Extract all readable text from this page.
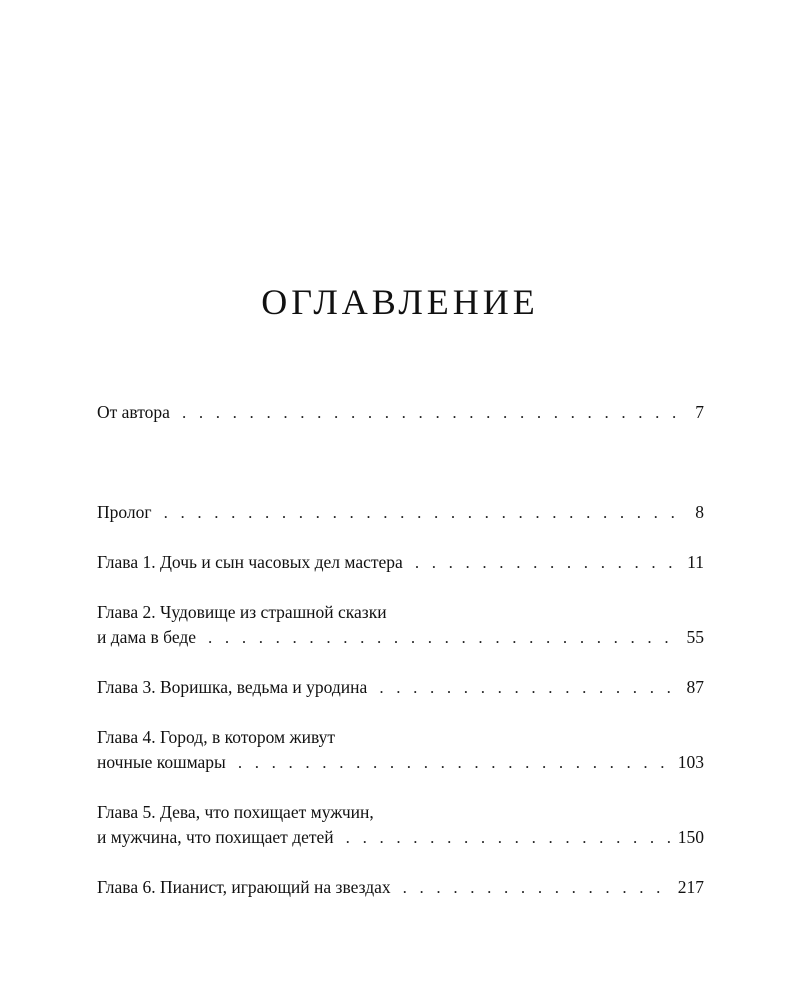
ОГЛАВЛЕНИЕ
От автора . . .	7
Пролог . . .	8
Глава 1. Дочь и сын часовых дел мастера . . .	11
Глава 2. Чудовище из страшной сказки
и дама в беде . . .	55
Глава 3. Воришка, ведьма и уродина . . .	87
Глава 4. Город, в котором живут
ночные кошмары . . .	103
Глава 5. Дева, что похищает мужчин,
и мужчина, что похищает детей . . .	150
Глава 6. Пианист, играющий на звездах . . .	217
